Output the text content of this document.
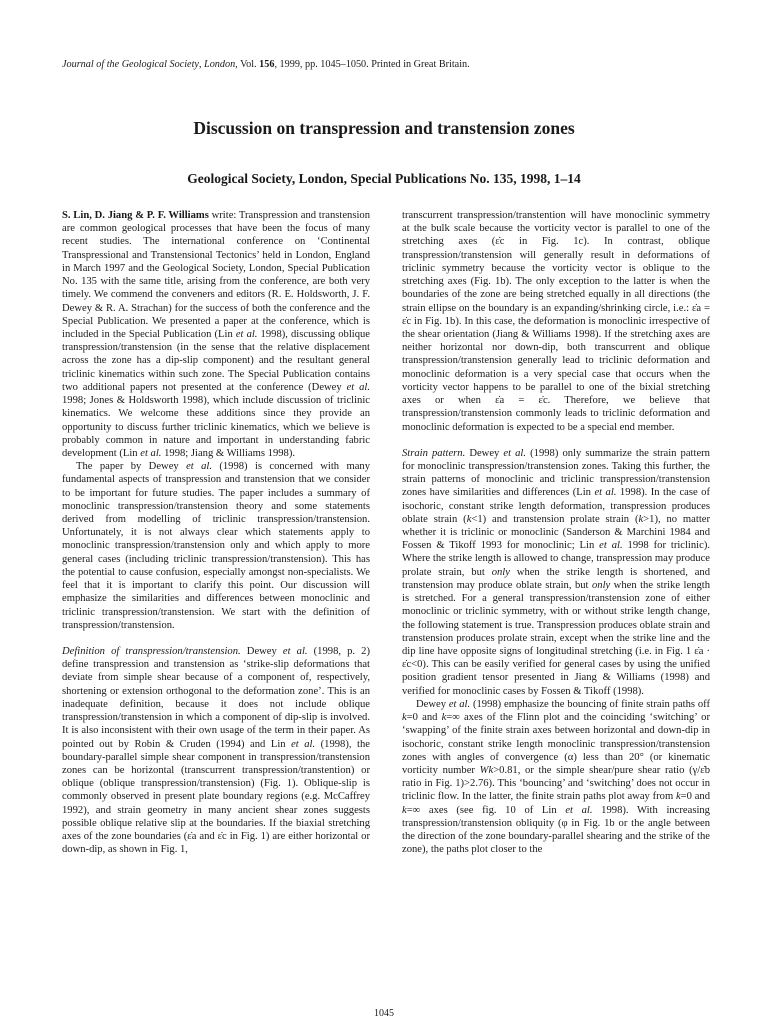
Journal of the Geological Society, London, Vol. 156, 1999, pp. 1045–1050. Printed in Great Britain.
Discussion on transpression and transtension zones
Geological Society, London, Special Publications No. 135, 1998, 1–14

S. Lin, D. Jiang & P. F. Williams write: Transpression and transtension are common geological processes that have been the focus of many recent studies. The international conference on ‘Continental Transpressional and Transtensional Tectonics’ held in London, England in March 1997 and the Geological Society, London, Special Publication No. 135 with the same title, arising from the conference, are both very timely. We commend the conveners and editors (R. E. Holdsworth, J. F. Dewey & R. A. Strachan) for the success of both the conference and the Special Publication. We presented a paper at the conference, which is included in the Special Publication (Lin et al. 1998), discussing oblique transpression/transtension (in the sense that the relative displacement across the zone has a dip-slip component) and the resultant general triclinic kinematics within such zone. The Special Publication contains two additional papers not presented at the conference (Dewey et al. 1998; Jones & Holdsworth 1998), which include discussion of triclinic kinematics. We welcome these additions since they provide an opportunity to discuss further triclinic kinematics, which we believe is probably common in nature and important in understanding fabric development (Lin et al. 1998; Jiang & Williams 1998).

The paper by Dewey et al. (1998) is concerned with many fundamental aspects of transpression and transtension that we consider to be important for future studies. The paper includes a summary of monoclinic transpression/transtension theory and some statements derived from modelling of triclinic transpression/transtension. Unfortunately, it is not always clear which statements apply to monoclinic transpression/transtension only and which apply to more general cases (including triclinic transpression/transtension). This has the potential to cause confusion, especially amongst non-specialists. We feel that it is important to clarify this point. Our discussion will emphasize the similarities and differences between monoclinic and triclinic transpression/transtension. We start with the definition of transpression/transtension.

Definition of transpression/transtension. Dewey et al. (1998, p. 2) define transpression and transtension as ‘strike-slip deformations that deviate from simple shear because of a component of, respectively, shortening or extension orthogonal to the deformation zone’. This is an inadequate definition, because it does not include oblique transpression/transtension in which a component of dip-slip is involved. It is also inconsistent with their own usage of the term in their paper. As pointed out by Robin & Cruden (1994) and Lin et al. (1998), the boundary-parallel simple shear component in transpression/transtension zones can be horizontal (transcurrent transpression/transtention) or oblique (oblique transpression/transtension) (Fig. 1). Oblique-slip is commonly observed in present plate boundary regions (e.g. McCaffrey 1992), and strain geometry in many ancient shear zones suggests possible oblique relative slip at the boundaries. If the biaxial stretching axes of the zone boundaries (ε̇a and ε̇c in Fig. 1) are either horizontal or down-dip, as shown in Fig. 1,

transcurrent transpression/transtention will have monoclinic symmetry at the bulk scale because the vorticity vector is parallel to one of the stretching axes (ε̇c in Fig. 1c). In contrast, oblique transpression/transtension will generally result in deformations of triclinic symmetry because the vorticity vector is oblique to the stretching axes (Fig. 1b). The only exception to the latter is when the boundaries of the zone are being stretched equally in all directions (the strain ellipse on the boundary is an expanding/shrinking circle, i.e.: ε̇a = ε̇c in Fig. 1b). In this case, the deformation is monoclinic irrespective of the shear orientation (Jiang & Williams 1998). If the stretching axes are neither horizontal nor down-dip, both transcurrent and oblique transpression/transtension generally lead to triclinic deformation and monoclinic deformation is a very special case that occurs when the vorticity vector happens to be parallel to one of the bixial stretching axes or when ε̇a = ε̇c. Therefore, we believe that transpression/transtension commonly leads to triclinic deformation and monoclinic deformation is expected to be a special end member.

Strain pattern. Dewey et al. (1998) only summarize the strain pattern for monoclinic transpression/transtension zones. Taking this further, the strain patterns of monoclinic and triclinic transpression/transtension zones have similarities and differences (Lin et al. 1998). In the case of isochoric, constant strike length deformation, transpression produces oblate strain (k<1) and transtension prolate strain (k>1), no matter whether it is triclinic or monoclinic (Sanderson & Marchini 1984 and Fossen & Tikoff 1993 for monoclinic; Lin et al. 1998 for triclinic). Where the strike length is allowed to change, transpression may produce prolate strain, but only when the strike length is shortened, and transtension may produce oblate strain, but only when the strike length is stretched. For a general transpression/transtension zone of either monoclinic or triclinic symmetry, with or without strike length change, the following statement is true. Transpression produces oblate strain and transtension produces prolate strain, except when the strike line and the dip line have opposite signs of longitudinal stretching (i.e. in Fig. 1 ε̇a · ε̇c<0). This can be easily verified for general cases by using the unified position gradient tensor presented in Jiang & Williams (1998) and verified for monoclinic cases by Fossen & Tikoff (1998).

Dewey et al. (1998) emphasize the bouncing of finite strain paths off k=0 and k=∞ axes of the Flinn plot and the coinciding ‘switching’ or ‘swapping’ of the finite strain axes between horizontal and down-dip in isochoric, constant strike length monoclinic transpression/transtension zones with angles of convergence (α) less than 20° (or kinematic vorticity number Wk>0.81, or the simple shear/pure shear ratio (γ/ε̇b ratio in Fig. 1)>2.76). This ‘bouncing’ and ‘switching’ does not occur in triclinic flow. In the latter, the finite strain paths plot away from k=0 and k=∞ axes (see fig. 10 of Lin et al. 1998). With increasing transpression/transtension obliquity (φ in Fig. 1b or the angle between the direction of the zone boundary-parallel shearing and the strike of the zone), the paths plot closer to the

1045
